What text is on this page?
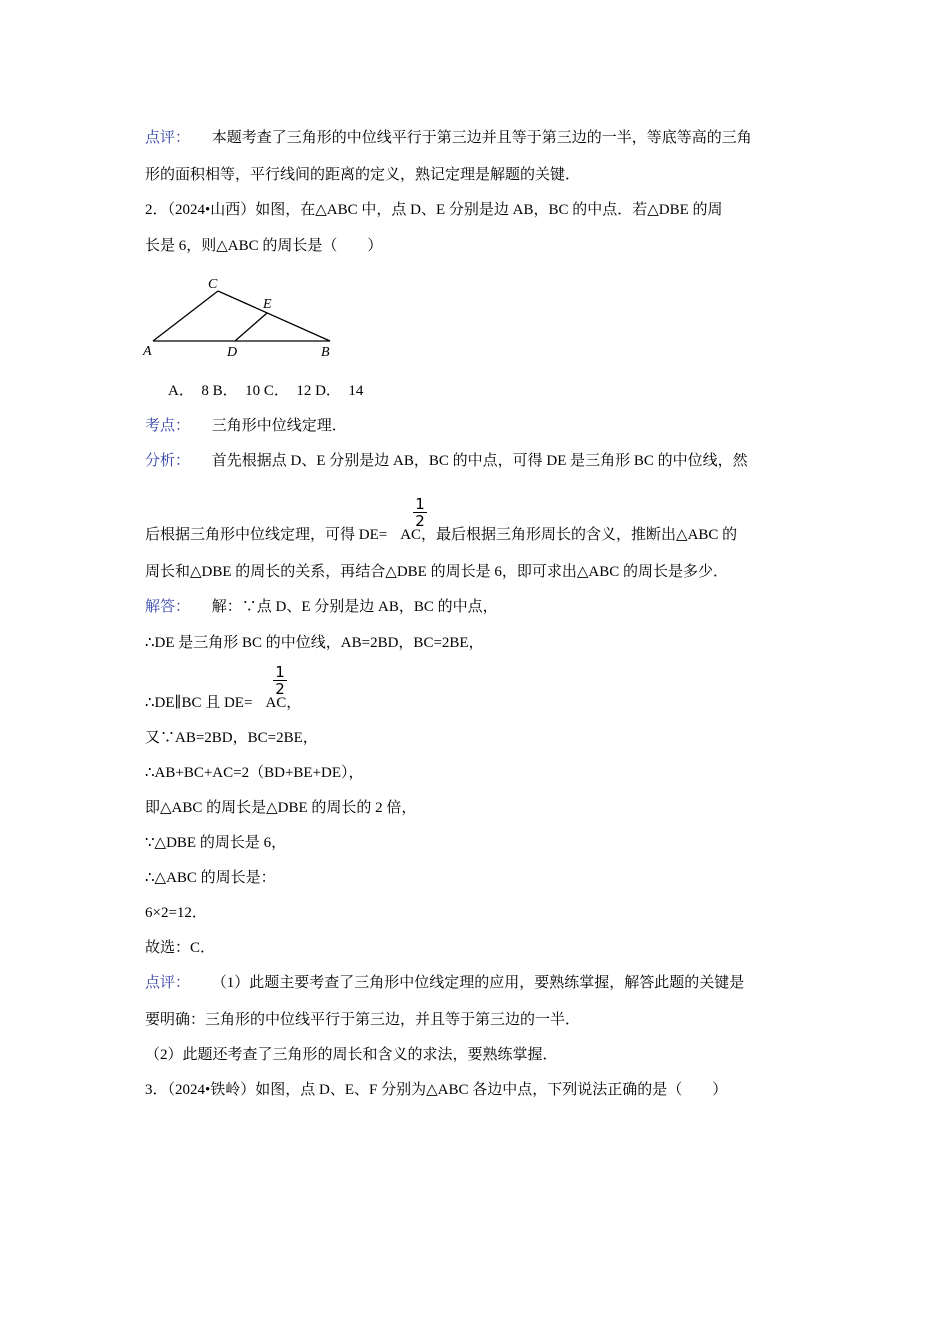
点评： 本题考查了三角形的中位线平行于第三边并且等于第三边的一半，等底等高的三角
形的面积相等，平行线间的距离的定义，熟记定理是解题的关键．
2．（2024•山西）如图，在△ABC 中，点 D、E 分别是边 AB，BC 的中点．若△DBE 的周
长是 6，则△ABC 的周长是（　　）
C
E
A	D	B
A．　8 B．　10 C．　12 D．　14
考点： 三角形中位线定理．
分析： 首先根据点 D、E 分别是边 AB，BC 的中点，可得 DE 是三角形 BC 的中位线，然
$\frac{1}{2}$
后根据三角形中位线定理，可得 DE= AC，最后根据三角形周长的含义，推断出△ABC 的
周长和△DBE 的周长的关系，再结合△DBE 的周长是 6，即可求出△ABC 的周长是多少．
解答： 解：∵点 D、E 分别是边 AB，BC 的中点，
∴DE 是三角形 BC 的中位线，AB=2BD，BC=2BE，
$\frac{1}{2}$
∴DE∥BC 且 DE= AC，
又∵AB=2BD，BC=2BE，
∴AB+BC+AC=2（BD+BE+DE），
即△ABC 的周长是△DBE 的周长的 2 倍，
∵△DBE 的周长是 6，
∴△ABC 的周长是：
6×2=12．
故选：C．
点评： （1）此题主要考查了三角形中位线定理的应用，要熟练掌握，解答此题的关键是
要明确：三角形的中位线平行于第三边，并且等于第三边的一半．
（2）此题还考查了三角形的周长和含义的求法，要熟练掌握．
3．（2024•铁岭）如图，点 D、E、F 分别为△ABC 各边中点，下列说法正确的是（　　）
